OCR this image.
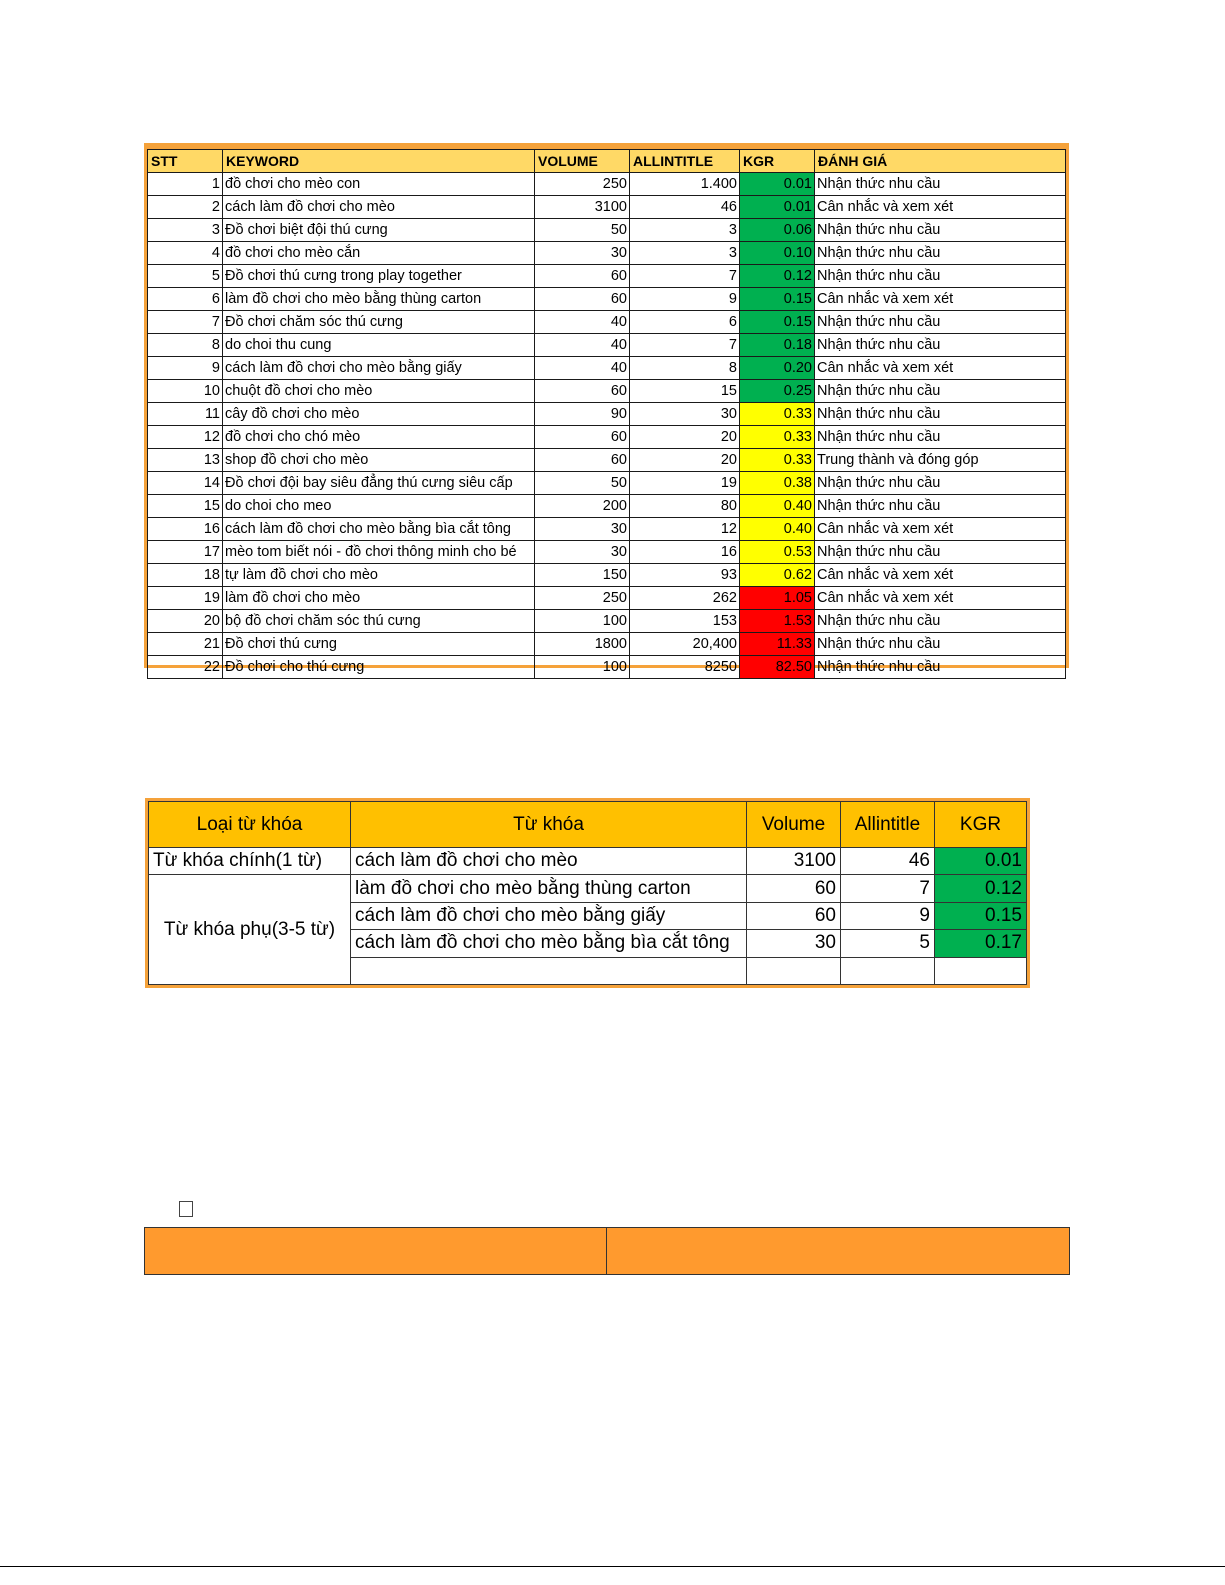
STT	KEYWORD	VOLUME	ALLINTITLE	KGR	ĐÁNH GIÁ
1	đồ chơi cho mèo con	250	1.400	0.01	Nhận thức nhu cầu
2	cách làm đồ chơi cho mèo	3100	46	0.01	Cân nhắc và xem xét
3	Đồ chơi biệt đội thú cưng	50	3	0.06	Nhận thức nhu cầu
4	đồ chơi cho mèo cắn	30	3	0.10	Nhận thức nhu cầu
5	Đồ chơi thú cưng trong play together	60	7	0.12	Nhận thức nhu cầu
6	làm đồ chơi cho mèo bằng thùng carton	60	9	0.15	Cân nhắc và xem xét
7	Đồ chơi chăm sóc thú cưng	40	6	0.15	Nhận thức nhu cầu
8	do choi thu cung	40	7	0.18	Nhận thức nhu cầu
9	cách làm đồ chơi cho mèo bằng giấy	40	8	0.20	Cân nhắc và xem xét
10	chuột đồ chơi cho mèo	60	15	0.25	Nhận thức nhu cầu
11	cây đồ chơi cho mèo	90	30	0.33	Nhận thức nhu cầu
12	đồ chơi cho chó mèo	60	20	0.33	Nhận thức nhu cầu
13	shop đồ chơi cho mèo	60	20	0.33	Trung thành và đóng góp
14	Đồ chơi đội bay siêu đẳng thú cưng siêu cấp	50	19	0.38	Nhận thức nhu cầu
15	do choi cho meo	200	80	0.40	Nhận thức nhu cầu
16	cách làm đồ chơi cho mèo bằng bìa cắt tông	30	12	0.40	Cân nhắc và xem xét
17	mèo tom biết nói - đồ chơi thông minh cho bé	30	16	0.53	Nhận thức nhu cầu
18	tự làm đồ chơi cho mèo	150	93	0.62	Cân nhắc và xem xét
19	làm đồ chơi cho mèo	250	262	1.05	Cân nhắc và xem xét
20	bộ đồ chơi chăm sóc thú cưng	100	153	1.53	Nhận thức nhu cầu
21	Đồ chơi thú cưng	1800	20,400	11.33	Nhận thức nhu cầu
22	Đồ chơi cho thú cưng	100	8250	82.50	Nhận thức nhu cầu
Loại từ khóa	Từ khóa	Volume	Allintitle	KGR
Từ khóa chính(1 từ)	cách làm đồ chơi cho mèo	3100	46	0.01
Từ khóa phụ(3-5 từ)	làm đồ chơi cho mèo bằng thùng carton	60	7	0.12
	cách làm đồ chơi cho mèo bằng giấy	60	9	0.15
	cách làm đồ chơi cho mèo bằng bìa cắt tông	30	5	0.17
